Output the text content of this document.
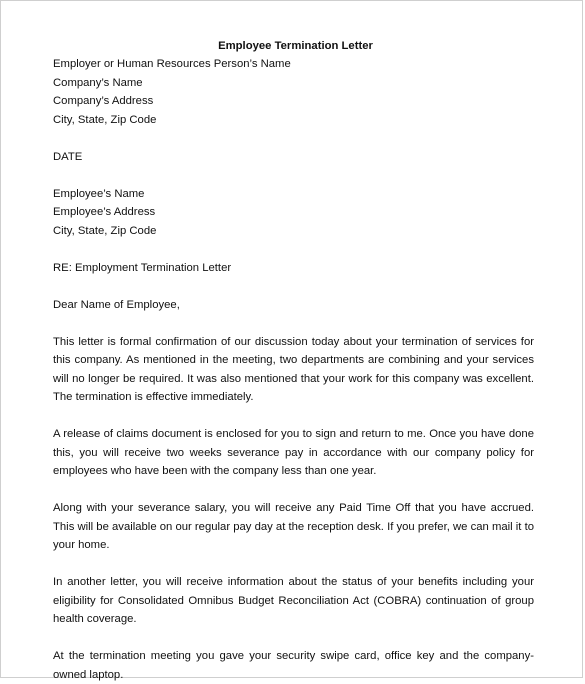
Employee Termination Letter
Employer or Human Resources Person’s Name
Company’s Name
Company’s Address
City, State, Zip Code
DATE
Employee’s Name
Employee’s Address
City, State, Zip Code
RE: Employment Termination Letter
Dear Name of Employee,

This letter is formal confirmation of our discussion today about your termination of services for this company. As mentioned in the meeting, two departments are combining and your services will no longer be required. It was also mentioned that your work for this company was excellent. The termination is effective immediately.

A release of claims document is enclosed for you to sign and return to me. Once you have done this, you will receive two weeks severance pay in accordance with our company policy for employees who have been with the company less than one year.

Along with your severance salary, you will receive any Paid Time Off that you have accrued. This will be available on our regular pay day at the reception desk. If you prefer, we can mail it to your home.

In another letter, you will receive information about the status of your benefits including your eligibility for Consolidated Omnibus Budget Reconciliation Act (COBRA) continuation of group health coverage.

At the termination meeting you gave your security swipe card, office key and the company-owned laptop.
